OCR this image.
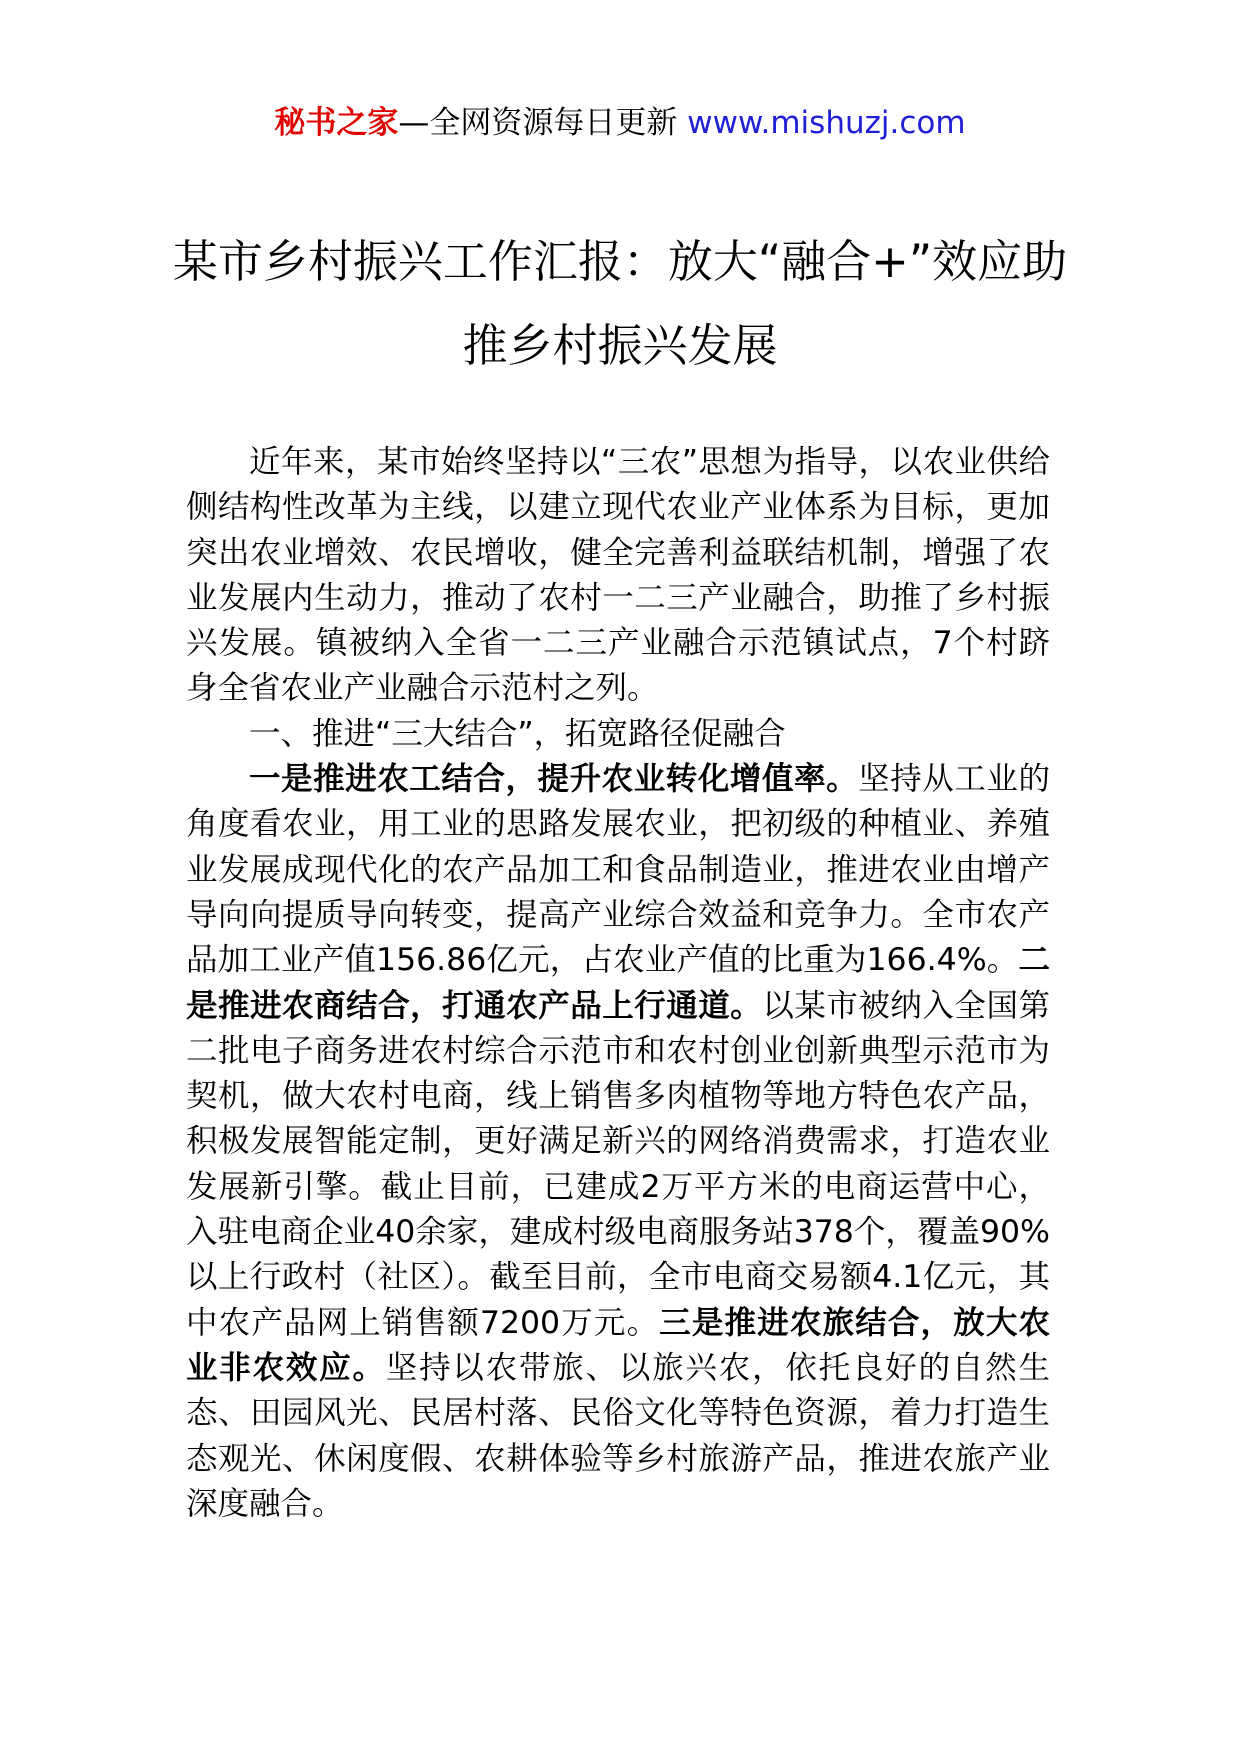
秘书之家—全网资源每日更新 www.mishuzj.com
某市乡村振兴工作汇报：放大“融合+”效应助推乡村振兴发展

近年来，某市始终坚持以“三农”思想为指导，以农业供给侧结构性改革为主线，以建立现代农业产业体系为目标，更加突出农业增效、农民增收，健全完善利益联结机制，增强了农业发展内生动力，推动了农村一二三产业融合，助推了乡村振兴发展。镇被纳入全省一二三产业融合示范镇试点，7个村跻身全省农业产业融合示范村之列。

一、推进“三大结合”，拓宽路径促融合

一是推进农工结合，提升农业转化增值率。坚持从工业的角度看农业，用工业的思路发展农业，把初级的种植业、养殖业发展成现代化的农产品加工和食品制造业，推进农业由增产导向向提质导向转变，提高产业综合效益和竞争力。全市农产品加工业产值156.86亿元，占农业产值的比重为166.4%。二是推进农商结合，打通农产品上行通道。以某市被纳入全国第二批电子商务进农村综合示范市和农村创业创新典型示范市为契机，做大农村电商，线上销售多肉植物等地方特色农产品，积极发展智能定制，更好满足新兴的网络消费需求，打造农业发展新引擎。截止目前，已建成2万平方米的电商运营中心，入驻电商企业40余家，建成村级电商服务站378个，覆盖90%以上行政村（社区）。截至目前，全市电商交易额4.1亿元，其中农产品网上销售额7200万元。三是推进农旅结合，放大农业非农效应。坚持以农带旅、以旅兴农，依托良好的自然生态、田园风光、民居村落、民俗文化等特色资源，着力打造生态观光、休闲度假、农耕体验等乡村旅游产品，推进农旅产业深度融合。
